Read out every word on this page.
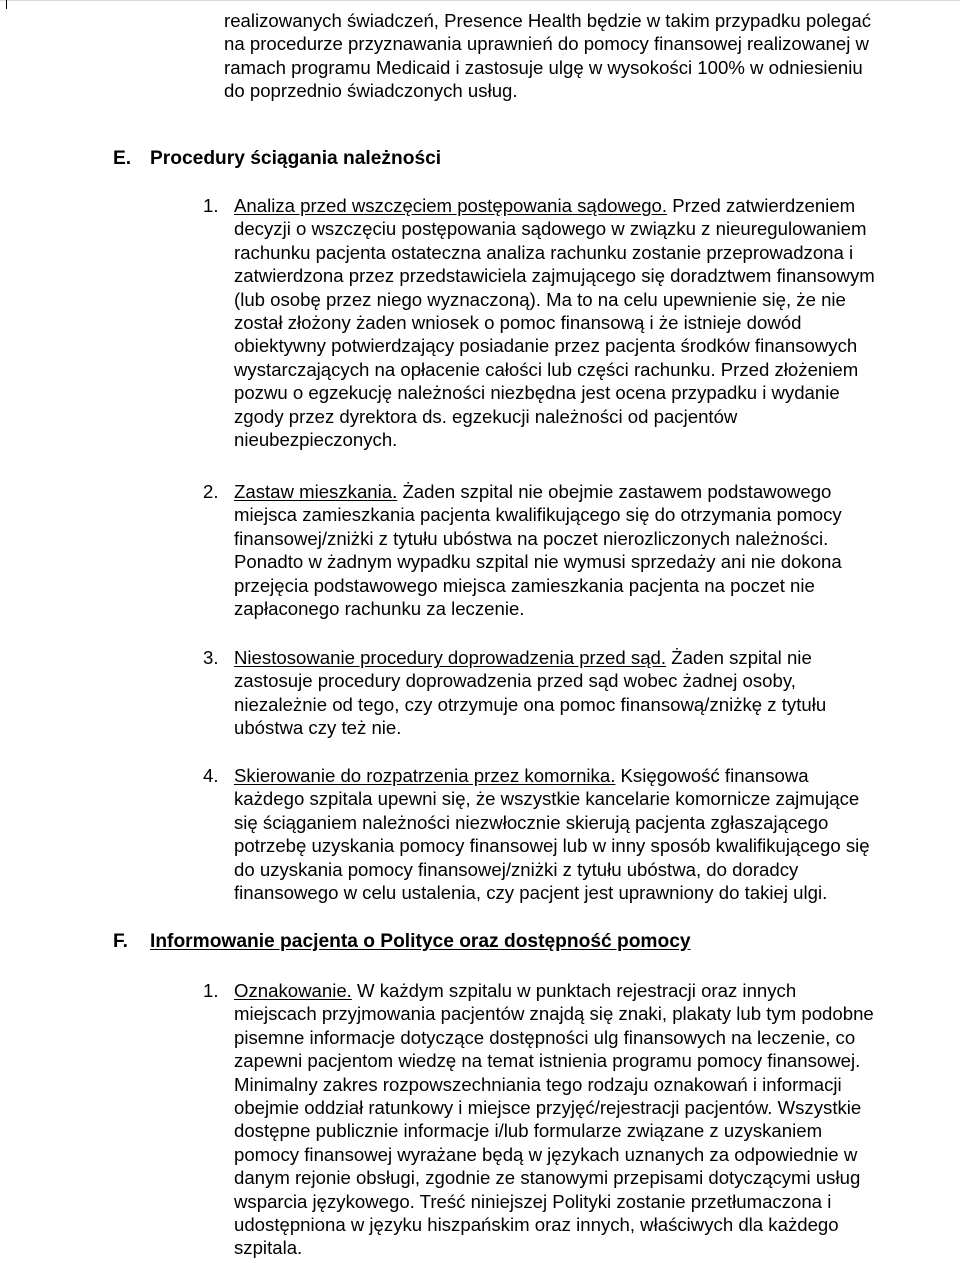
realizowanych świadczeń, Presence Health będzie w takim przypadku polegać

na procedurze przyznawania uprawnień do pomocy finansowej realizowanej w

ramach programu Medicaid i zastosuje ulgę w wysokości 100% w odniesieniu

do poprzednio świadczonych usług.

E. Procedury ściągania należności
1. Analiza przed wszczęciem postępowania sądowego. Przed zatwierdzeniem

decyzji o wszczęciu postępowania sądowego w związku z nieuregulowaniem

rachunku pacjenta ostateczna analiza rachunku zostanie przeprowadzona i

zatwierdzona przez przedstawiciela zajmującego się doradztwem finansowym

(lub osobę przez niego wyznaczoną). Ma to na celu upewnienie się, że nie

został złożony żaden wniosek o pomoc finansową i że istnieje dowód

obiektywny potwierdzający posiadanie przez pacjenta środków finansowych

wystarczających na opłacenie całości lub części rachunku. Przed złożeniem

pozwu o egzekucję należności niezbędna jest ocena przypadku i wydanie

zgody przez dyrektora ds. egzekucji należności od pacjentów

nieubezpieczonych.

2. Zastaw mieszkania. Żaden szpital nie obejmie zastawem podstawowego

miejsca zamieszkania pacjenta kwalifikującego się do otrzymania pomocy

finansowej/zniżki z tytułu ubóstwa na poczet nierozliczonych należności.

Ponadto w żadnym wypadku szpital nie wymusi sprzedaży ani nie dokona

przejęcia podstawowego miejsca zamieszkania pacjenta na poczet nie

zapłaconego rachunku za leczenie.

3. Niestosowanie procedury doprowadzenia przed sąd. Żaden szpital nie

zastosuje procedury doprowadzenia przed sąd wobec żadnej osoby,

niezależnie od tego, czy otrzymuje ona pomoc finansową/zniżkę z tytułu

ubóstwa czy też nie.

4. Skierowanie do rozpatrzenia przez komornika. Księgowość finansowa

każdego szpitala upewni się, że wszystkie kancelarie komornicze zajmujące

się ściąganiem należności niezwłocznie skierują pacjenta zgłaszającego

potrzebę uzyskania pomocy finansowej lub w inny sposób kwalifikującego się

do uzyskania pomocy finansowej/zniżki z tytułu ubóstwa, do doradcy

finansowego w celu ustalenia, czy pacjent jest uprawniony do takiej ulgi.

F. Informowanie pacjenta o Polityce oraz dostępność pomocy
1. Oznakowanie. W każdym szpitalu w punktach rejestracji oraz innych

miejscach przyjmowania pacjentów znajdą się znaki, plakaty lub tym podobne

pisemne informacje dotyczące dostępności ulg finansowych na leczenie, co

zapewni pacjentom wiedzę na temat istnienia programu pomocy finansowej.

Minimalny zakres rozpowszechniania tego rodzaju oznakowań i informacji

obejmie oddział ratunkowy i miejsce przyjęć/rejestracji pacjentów. Wszystkie

dostępne publicznie informacje i/lub formularze związane z uzyskaniem

pomocy finansowej wyrażane będą w językach uznanych za odpowiednie w

danym rejonie obsługi, zgodnie ze stanowymi przepisami dotyczącymi usług

wsparcia językowego. Treść niniejszej Polityki zostanie przetłumaczona i

udostępniona w języku hiszpańskim oraz innych, właściwych dla każdego

szpitala.
